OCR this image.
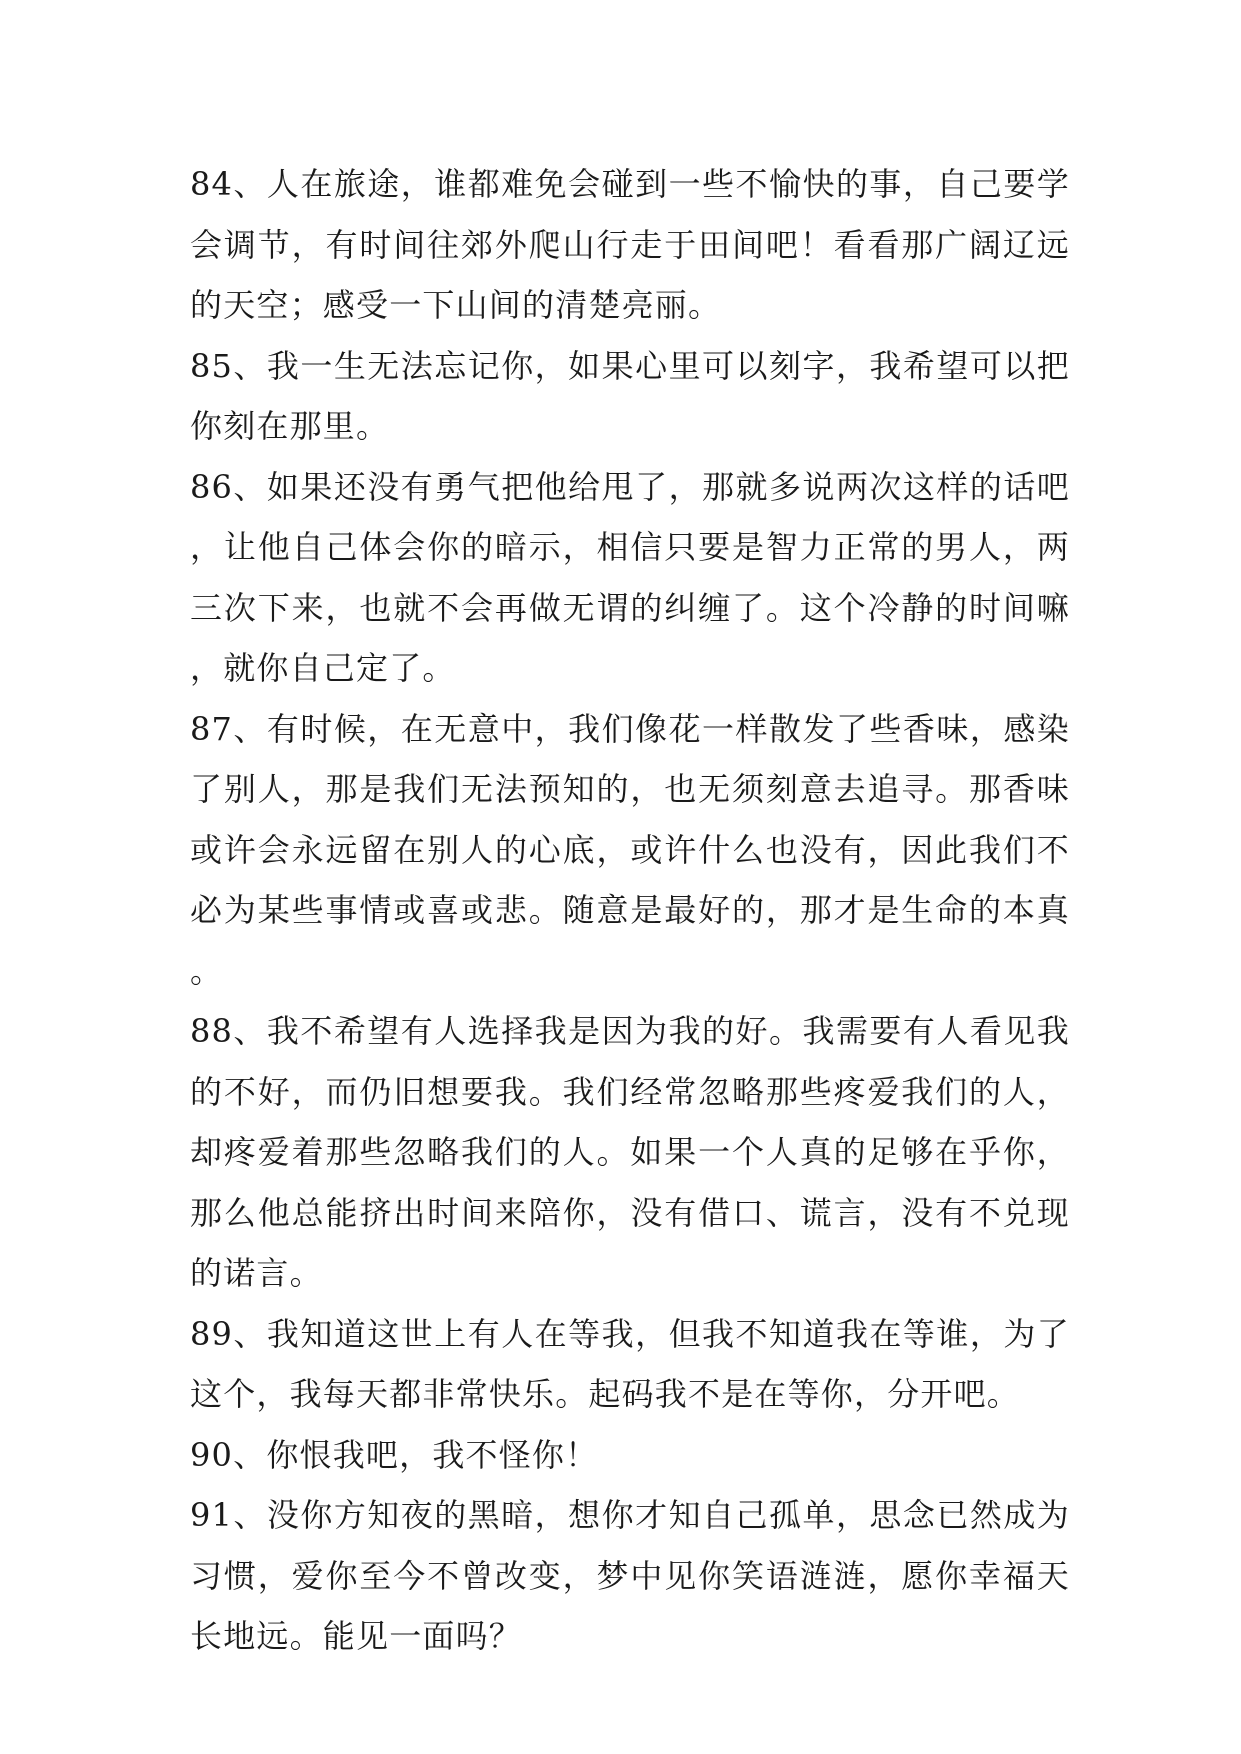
84、人在旅途，谁都难免会碰到一些不愉快的事，自己要学会调节，有时间往郊外爬山行走于田间吧！看看那广阔辽远的天空；感受一下山间的清楚亮丽。

85、我一生无法忘记你，如果心里可以刻字，我希望可以把你刻在那里。

86、如果还没有勇气把他给甩了，那就多说两次这样的话吧，让他自己体会你的暗示，相信只要是智力正常的男人，两三次下来，也就不会再做无谓的纠缠了。这个冷静的时间嘛，就你自己定了。

87、有时候，在无意中，我们像花一样散发了些香味，感染了别人，那是我们无法预知的，也无须刻意去追寻。那香味或许会永远留在别人的心底，或许什么也没有，因此我们不必为某些事情或喜或悲。随意是最好的，那才是生命的本真。

88、我不希望有人选择我是因为我的好。我需要有人看见我的不好，而仍旧想要我。我们经常忽略那些疼爱我们的人，却疼爱着那些忽略我们的人。如果一个人真的足够在乎你，那么他总能挤出时间来陪你，没有借口、谎言，没有不兑现的诺言。

89、我知道这世上有人在等我，但我不知道我在等谁，为了这个，我每天都非常快乐。起码我不是在等你，分开吧。

90、你恨我吧，我不怪你！

91、没你方知夜的黑暗，想你才知自己孤单，思念已然成为习惯，爱你至今不曾改变，梦中见你笑语涟涟，愿你幸福天长地远。能见一面吗？
